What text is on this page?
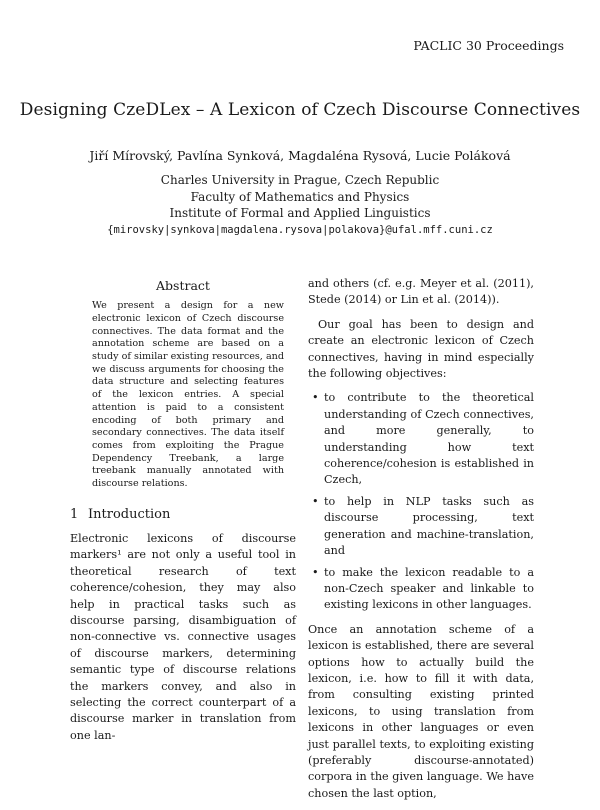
PACLIC 30 Proceedings
Designing CzeDLex – A Lexicon of Czech Discourse Connectives
Jiří Mírovský, Pavlína Synková, Magdaléna Rysová, Lucie Poláková
Charles University in Prague, Czech Republic
Faculty of Mathematics and Physics
Institute of Formal and Applied Linguistics
{mirovsky|synkova|magdalena.rysova|polakova}@ufal.mff.cuni.cz
Abstract
We present a design for a new electronic lexicon of Czech discourse connectives. The data format and the annotation scheme are based on a study of similar existing resources, and we discuss arguments for choosing the data structure and selecting features of the lexicon entries. A special attention is paid to a consistent encoding of both primary and secondary connectives. The data itself comes from exploiting the Prague Dependency Treebank, a large treebank manually annotated with discourse relations.
1 Introduction
Electronic lexicons of discourse markers¹ are not only a useful tool in theoretical research of text coherence/cohesion, they may also help in practical tasks such as discourse parsing, disambiguation of non-connective vs. connective usages of discourse markers, determining semantic type of discourse relations the markers convey, and also in selecting the correct counterpart of a discourse marker in translation from one lan-

and others (cf. e.g. Meyer et al. (2011), Stede (2014) or Lin et al. (2014)).

Our goal has been to design and create an electronic lexicon of Czech connectives, having in mind especially the following objectives:

• to contribute to the theoretical understanding of Czech connectives, and more generally, to understanding how text coherence/cohesion is established in Czech,
• to help in NLP tasks such as discourse processing, text generation and machine-translation, and
• to make the lexicon readable to a non-Czech speaker and linkable to existing lexicons in other languages.

Once an annotation scheme of a lexicon is established, there are several options how to actually build the lexicon, i.e. how to fill it with data, from consulting existing printed lexicons, to using translation from lexicons in other languages or even just parallel texts, to exploiting existing (preferably discourse-annotated) corpora in the given language. We have chosen the last option,
